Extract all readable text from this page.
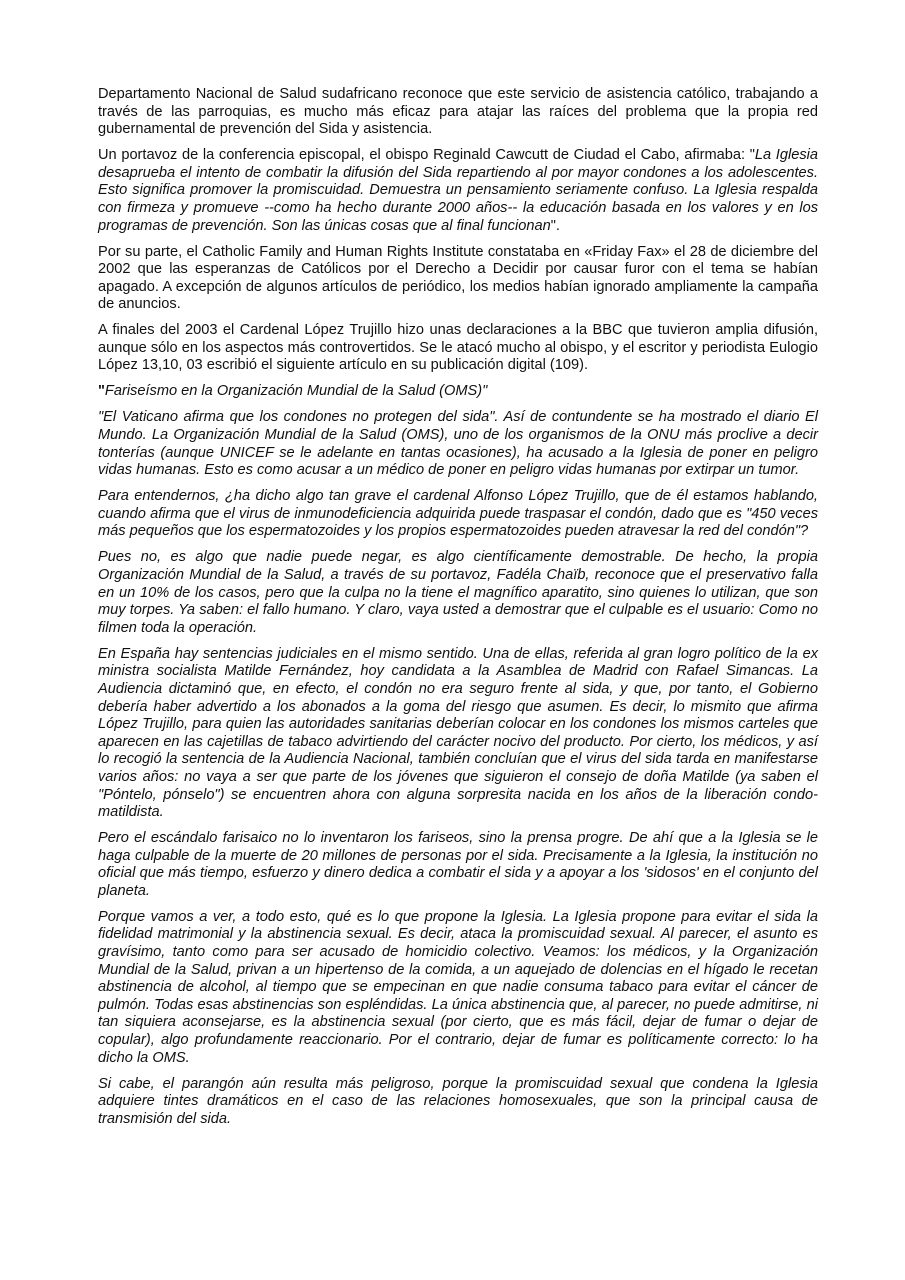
Departamento Nacional de Salud sudafricano reconoce que este servicio de asistencia católico, trabajando a través de las parroquias, es mucho más eficaz para atajar las raíces del problema que la propia red gubernamental de prevención del Sida y asistencia.

Un portavoz de la conferencia episcopal, el obispo Reginald Cawcutt de Ciudad el Cabo, afirmaba: "La Iglesia desaprueba el intento de combatir la difusión del Sida repartiendo al por mayor condones a los adolescentes. Esto significa promover la promiscuidad. Demuestra un pensamiento seriamente confuso. La Iglesia respalda con firmeza y promueve --como ha hecho durante 2000 años-- la educación basada en los valores y en los programas de prevención. Son las únicas cosas que al final funcionan".

Por su parte, el Catholic Family and Human Rights Institute constataba en «Friday Fax» el 28 de diciembre del 2002 que las esperanzas de Católicos por el Derecho a Decidir por causar furor con el tema se habían apagado. A excepción de algunos artículos de periódico, los medios habían ignorado ampliamente la campaña de anuncios.

A finales del 2003 el Cardenal López Trujillo hizo unas declaraciones a la BBC que tuvieron amplia difusión, aunque sólo en los aspectos más controvertidos. Se le atacó mucho al obispo, y el escritor y periodista Eulogio López 13,10, 03 escribió el siguiente artículo en su publicación digital (109).

"Fariseísmo en la Organización Mundial de la Salud (OMS)"

"El Vaticano afirma que los condones no protegen del sida". Así de contundente se ha mostrado el diario El Mundo. La Organización Mundial de la Salud (OMS), uno de los organismos de la ONU más proclive a decir tonterías (aunque UNICEF se le adelante en tantas ocasiones), ha acusado a la Iglesia de poner en peligro vidas humanas. Esto es como acusar a un médico de poner en peligro vidas humanas por extirpar un tumor.

Para entendernos, ¿ha dicho algo tan grave el cardenal Alfonso López Trujillo, que de él estamos hablando, cuando afirma que el virus de inmunodeficiencia adquirida puede traspasar el condón, dado que es "450 veces más pequeños que los espermatozoides y los propios espermatozoides pueden atravesar la red del condón"?

Pues no, es algo que nadie puede negar, es algo científicamente demostrable. De hecho, la propia Organización Mundial de la Salud, a través de su portavoz, Fadéla Chaïb, reconoce que el preservativo falla en un 10% de los casos, pero que la culpa no la tiene el magnífico aparatito, sino quienes lo utilizan, que son muy torpes. Ya saben: el fallo humano. Y claro, vaya usted a demostrar que el culpable es el usuario: Como no filmen toda la operación.

En España hay sentencias judiciales en el mismo sentido. Una de ellas, referida al gran logro político de la ex ministra socialista Matilde Fernández, hoy candidata a la Asamblea de Madrid con Rafael Simancas. La Audiencia dictaminó que, en efecto, el condón no era seguro frente al sida, y que, por tanto, el Gobierno debería haber advertido a los abonados a la goma del riesgo que asumen. Es decir, lo mismito que afirma López Trujillo, para quien las autoridades sanitarias deberían colocar en los condones los mismos carteles que aparecen en las cajetillas de tabaco advirtiendo del carácter nocivo del producto. Por cierto, los médicos, y así lo recogió la sentencia de la Audiencia Nacional, también concluían que el virus del sida tarda en manifestarse varios años: no vaya a ser que parte de los jóvenes que siguieron el consejo de doña Matilde (ya saben el "Póntelo, pónselo") se encuentren ahora con alguna sorpresita nacida en los años de la liberación condo-matildista.

Pero el escándalo farisaico no lo inventaron los fariseos, sino la prensa progre. De ahí que a la Iglesia se le haga culpable de la muerte de 20 millones de personas por el sida. Precisamente a la Iglesia, la institución no oficial que más tiempo, esfuerzo y dinero dedica a combatir el sida y a apoyar a los 'sidosos' en el conjunto del planeta.

Porque vamos a ver, a todo esto, qué es lo que propone la Iglesia. La Iglesia propone para evitar el sida la fidelidad matrimonial y la abstinencia sexual. Es decir, ataca la promiscuidad sexual. Al parecer, el asunto es gravísimo, tanto como para ser acusado de homicidio colectivo. Veamos: los médicos, y la Organización Mundial de la Salud, privan a un hipertenso de la comida, a un aquejado de dolencias en el hígado le recetan abstinencia de alcohol, al tiempo que se empecinan en que nadie consuma tabaco para evitar el cáncer de pulmón. Todas esas abstinencias son espléndidas. La única abstinencia que, al parecer, no puede admitirse, ni tan siquiera aconsejarse, es la abstinencia sexual (por cierto, que es más fácil, dejar de fumar o dejar de copular), algo profundamente reaccionario. Por el contrario, dejar de fumar es políticamente correcto: lo ha dicho la OMS.

Si cabe, el parangón aún resulta más peligroso, porque la promiscuidad sexual que condena la Iglesia adquiere tintes dramáticos en el caso de las relaciones homosexuales, que son la principal causa de transmisión del sida.
